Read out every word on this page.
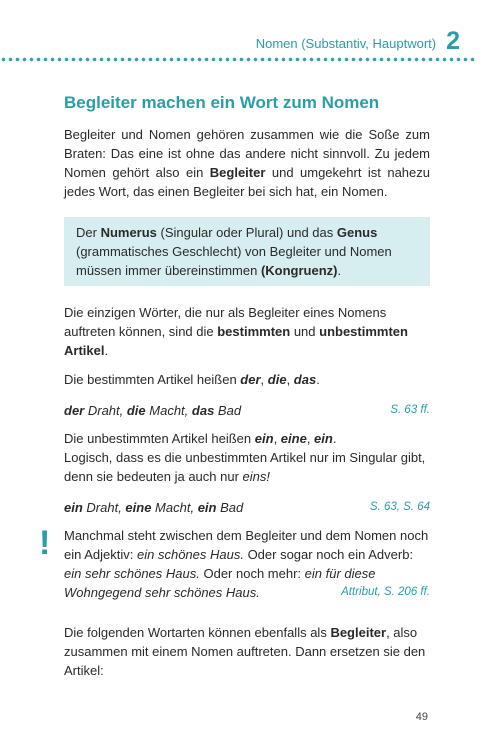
Nomen (Substantiv, Hauptwort) 2
Begleiter machen ein Wort zum Nomen

Begleiter und Nomen gehören zusammen wie die Soße zum Braten: Das eine ist ohne das andere nicht sinnvoll. Zu jedem Nomen gehört also ein Begleiter und umgekehrt ist nahezu jedes Wort, das einen Begleiter bei sich hat, ein Nomen.

Der Numerus (Singular oder Plural) und das Genus (grammatisches Geschlecht) von Begleiter und Nomen müssen immer übereinstimmen (Kongruenz).

Die einzigen Wörter, die nur als Begleiter eines Nomens auftreten können, sind die bestimmten und unbestimmten Artikel.

Die bestimmten Artikel heißen der, die, das.

der Draht, die Macht, das Bad	S. 63 ff.

Die unbestimmten Artikel heißen ein, eine, ein.

Logisch, dass es die unbestimmten Artikel nur im Singular gibt, denn sie bedeuten ja auch nur eins!

ein Draht, eine Macht, ein Bad	S. 63, S. 64
! Manchmal steht zwischen dem Begleiter und dem Nomen noch ein Adjektiv: ein schönes Haus. Oder sogar noch ein Adverb: ein sehr schönes Haus. Oder noch mehr: ein für diese Wohngegend sehr schönes Haus.	Attribut, S. 206 ff.

Die folgenden Wortarten können ebenfalls als Begleiter, also zusammen mit einem Nomen auftreten. Dann ersetzen sie den Artikel:

49
